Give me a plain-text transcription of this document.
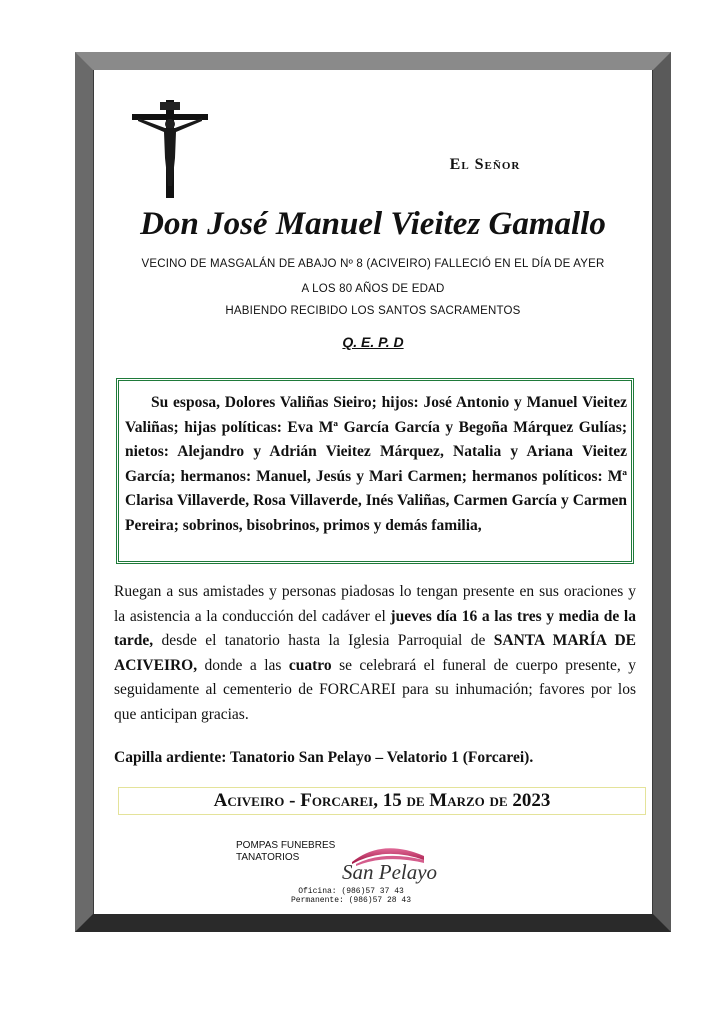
El Señor
Don José Manuel Vieitez Gamallo
VECINO DE MASGALÁN DE ABAJO Nº 8 (ACIVEIRO) FALLECIÓ EN EL DÍA DE AYER
A LOS 80 AÑOS DE EDAD
HABIENDO RECIBIDO LOS SANTOS SACRAMENTOS
Q. E. P. D

Su esposa, Dolores Valiñas Sieiro; hijos: José Antonio y Manuel Vieitez Valiñas; hijas políticas: Eva Mª García García y Begoña Márquez Gulías; nietos: Alejandro y Adrián Vieitez Márquez, Natalia y Ariana Vieitez García; hermanos: Manuel, Jesús y Mari Carmen; hermanos políticos: Mª Clarisa Villaverde, Rosa Villaverde, Inés Valiñas, Carmen García y Carmen Pereira; sobrinos, bisobrinos, primos y demás familia,

Ruegan a sus amistades y personas piadosas lo tengan presente en sus oraciones y la asistencia a la conducción del cadáver el jueves día 16 a las tres y media de la tarde, desde el tanatorio hasta la Iglesia Parroquial de SANTA MARÍA DE ACIVEIRO, donde a las cuatro se celebrará el funeral de cuerpo presente, y seguidamente al cementerio de FORCAREI para su inhumación; favores por los que anticipan gracias.

Capilla ardiente: Tanatorio San Pelayo – Velatorio 1 (Forcarei).
Aciveiro - Forcarei, 15 de Marzo de 2023
POMPAS FUNEBRES
TANATORIOS
San Pelayo
Oficina: (986)57 37 43
Permanente: (986)57 28 43
